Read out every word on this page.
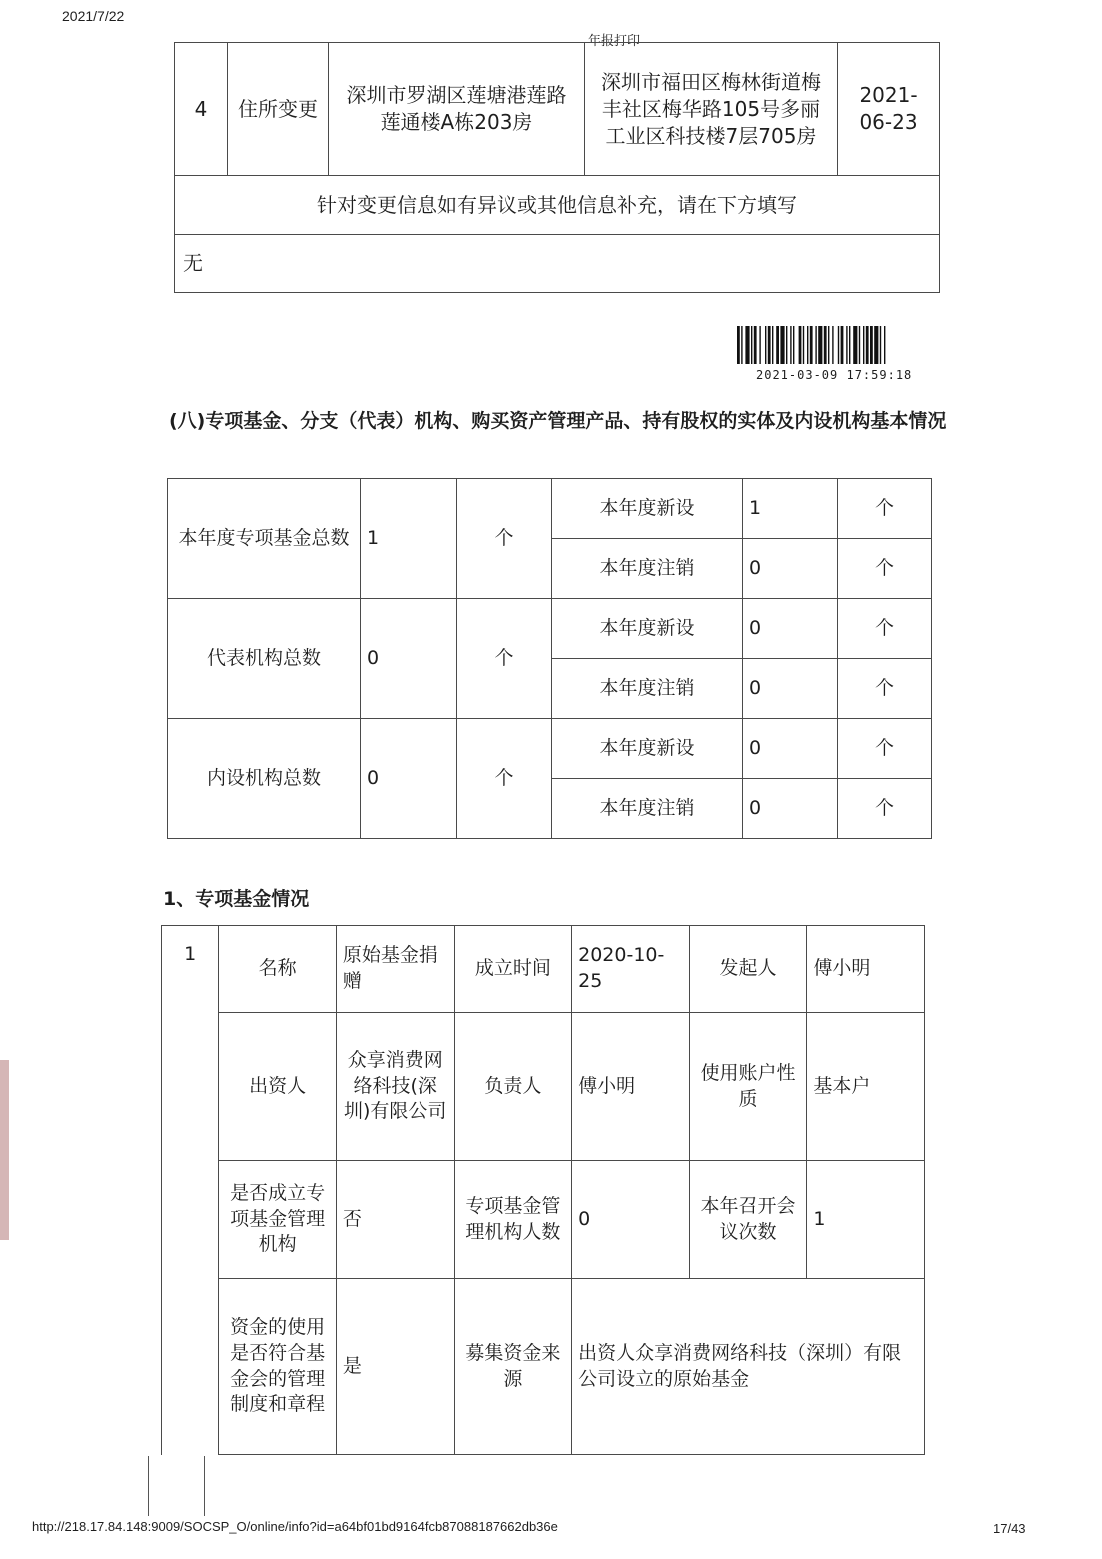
2021/7/22
年报打印
4	住所变更	深圳市罗湖区莲塘港莲路莲通楼A栋203房	深圳市福田区梅林街道梅丰社区梅华路105号多丽工业区科技楼7层705房	2021-06-23
针对变更信息如有异议或其他信息补充，请在下方填写
无
2021-03-09 17:59:18
(八)专项基金、分支（代表）机构、购买资产管理产品、持有股权的实体及内设机构基本情况
本年度专项基金总数	1	个	本年度新设	1	个
			本年度注销	0	个
代表机构总数	0	个	本年度新设	0	个
			本年度注销	0	个
内设机构总数	0	个	本年度新设	0	个
			本年度注销	0	个
1、专项基金情况
1	名称	原始基金捐赠	成立时间	2020-10-25	发起人	傅小明
	出资人	众享消费网络科技(深圳)有限公司	负责人	傅小明	使用账户性质	基本户
	是否成立专项基金管理机构	否	专项基金管理机构人数	0	本年召开会议次数	1
	资金的使用是否符合基金会的管理制度和章程	是	募集资金来源	出资人众享消费网络科技（深圳）有限公司设立的原始基金		
http://218.17.84.148:9009/SOCSP_O/online/info?id=a64bf01bd9164fcb87088187662db36e	17/43
